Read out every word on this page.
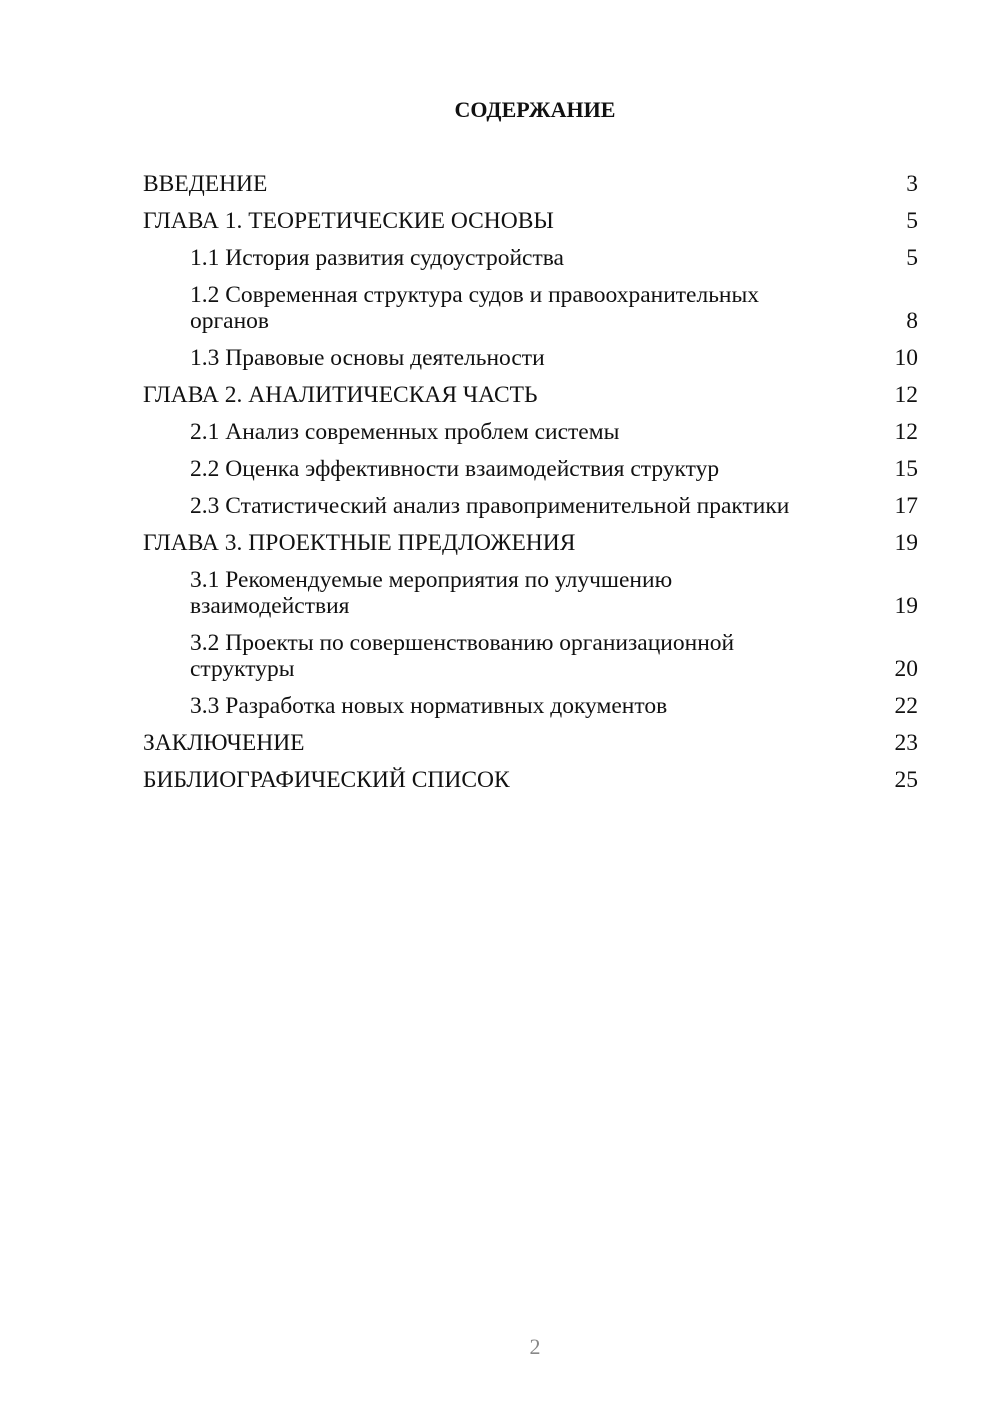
СОДЕРЖАНИЕ
ВВЕДЕНИЕ	3
ГЛАВА 1. ТЕОРЕТИЧЕСКИЕ ОСНОВЫ	5
1.1 История развития судоустройства	5
1.2 Современная структура судов и правоохранительных органов	8
1.3 Правовые основы деятельности	10
ГЛАВА 2. АНАЛИТИЧЕСКАЯ ЧАСТЬ	12
2.1 Анализ современных проблем системы	12
2.2 Оценка эффективности взаимодействия структур	15
2.3 Статистический анализ правоприменительной практики	17
ГЛАВА 3. ПРОЕКТНЫЕ ПРЕДЛОЖЕНИЯ	19
3.1 Рекомендуемые мероприятия по улучшению взаимодействия	19
3.2 Проекты по совершенствованию организационной структуры	20
3.3 Разработка новых нормативных документов	22
ЗАКЛЮЧЕНИЕ	23
БИБЛИОГРАФИЧЕСКИЙ СПИСОК	25
2
